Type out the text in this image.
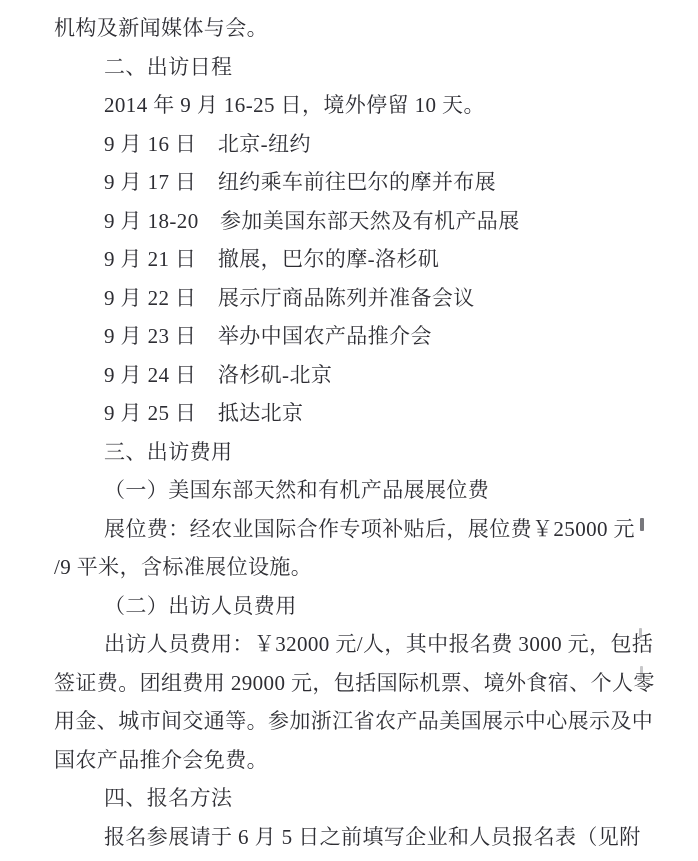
机构及新闻媒体与会。
二、出访日程
2014 年 9 月 16-25 日，境外停留 10 天。
9 月 16 日　北京-纽约
9 月 17 日　纽约乘车前往巴尔的摩并布展
9 月 18-20　参加美国东部天然及有机产品展
9 月 21 日　撤展，巴尔的摩-洛杉矶
9 月 22 日　展示厅商品陈列并准备会议
9 月 23 日　举办中国农产品推介会
9 月 24 日　洛杉矶-北京
9 月 25 日　抵达北京
三、出访费用
（一）美国东部天然和有机产品展展位费
展位费：经农业国际合作专项补贴后，展位费￥25000 元
/9 平米，含标准展位设施。
（二）出访人员费用
出访人员费用：￥32000 元/人，其中报名费 3000 元，包括
签证费。团组费用 29000 元，包括国际机票、境外食宿、个人零
用金、城市间交通等。参加浙江省农产品美国展示中心展示及中
国农产品推介会免费。
四、报名方法
报名参展请于 6 月 5 日之前填写企业和人员报名表（见附
